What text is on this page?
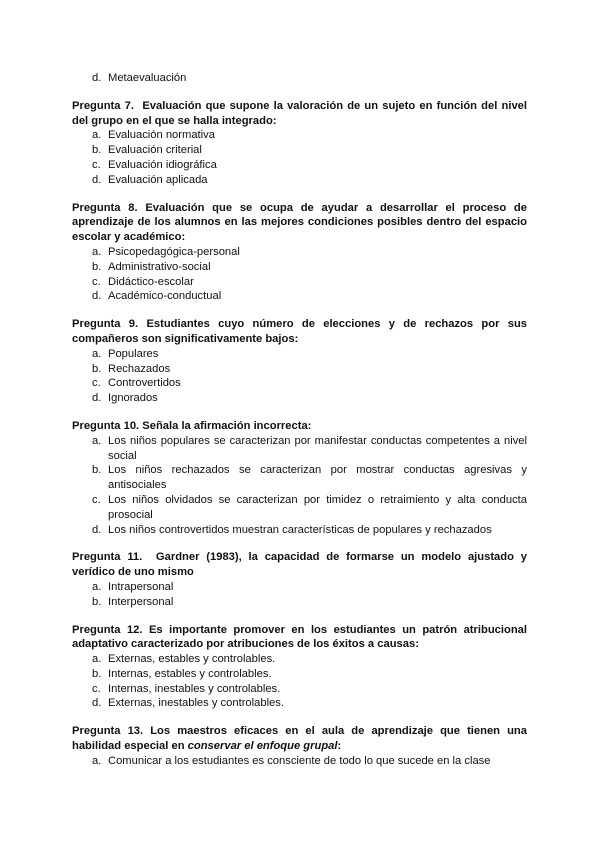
d. Metaevaluación
Pregunta 7. Evaluación que supone la valoración de un sujeto en función del nivel del grupo en el que se halla integrado:
a. Evaluación normativa
b. Evaluación criterial
c. Evaluación idiográfica
d. Evaluación aplicada
Pregunta 8. Evaluación que se ocupa de ayudar a desarrollar el proceso de aprendizaje de los alumnos en las mejores condiciones posibles dentro del espacio escolar y académico:
a. Psicopedagógica-personal
b. Administrativo-social
c. Didáctico-escolar
d. Académico-conductual
Pregunta 9. Estudiantes cuyo número de elecciones y de rechazos por sus compañeros son significativamente bajos:
a. Populares
b. Rechazados
c. Controvertidos
d. Ignorados
Pregunta 10. Señala la afirmación incorrecta:
a. Los niños populares se caracterizan por manifestar conductas competentes a nivel social
b. Los niños rechazados se caracterizan por mostrar conductas agresivas y antisociales
c. Los niños olvidados se caracterizan por timidez o retraimiento y alta conducta prosocial
d. Los niños controvertidos muestran características de populares y rechazados
Pregunta 11. Gardner (1983), la capacidad de formarse un modelo ajustado y verídico de uno mismo
a. Intrapersonal
b. Interpersonal
Pregunta 12. Es importante promover en los estudiantes un patrón atribucional adaptativo caracterizado por atribuciones de los éxitos a causas:
a. Externas, estables y controlables.
b. Internas, estables y controlables.
c. Internas, inestables y controlables.
d. Externas, inestables y controlables.
Pregunta 13. Los maestros eficaces en el aula de aprendizaje que tienen una habilidad especial en conservar el enfoque grupal:
a. Comunicar a los estudiantes es consciente de todo lo que sucede en la clase
